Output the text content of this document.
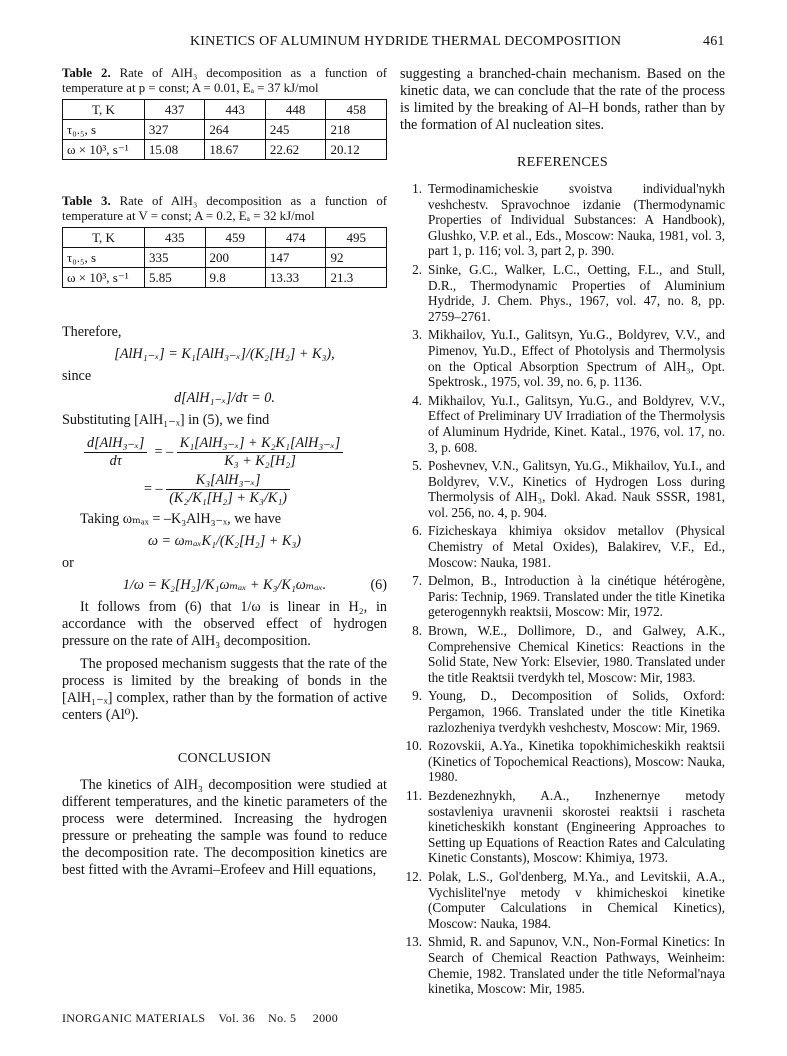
KINETICS OF ALUMINUM HYDRIDE THERMAL DECOMPOSITION	461
Table 2. Rate of AlH₃ decomposition as a function of temperature at p = const; A = 0.01, Eₐ = 37 kJ/mol
T, K	437	443	448	458
τ₀.₅, s	327	264	245	218
ω × 10³, s⁻¹	15.08	18.67	22.62	20.12
Table 3. Rate of AlH₃ decomposition as a function of temperature at V = const; A = 0.2, Eₐ = 32 kJ/mol
T, K	435	459	474	495
τ₀.₅, s	335	200	147	92
ω × 10³, s⁻¹	5.85	9.8	13.33	21.3

Therefore,

[AlH₁₋ₓ] = K₁[AlH₃₋ₓ]/(K₂[H₂] + K₃),

since

d[AlH₁₋ₓ]/dτ = 0.

Substituting [AlH₁₋ₓ] in (5), we find

$\frac{\text{d[AlH₃₋ₓ]}}{d\tau}$ = – $\frac{\text{K₁[AlH₃₋ₓ] + K₂K₁[AlH₃₋ₓ]}}{\text{K₃ + K₂[H₂]}}$
= – $\frac{\text{K₃[AlH₃₋ₓ]}}{\text{(K₂/K₁[H₂] + K₃/K₁)}}$

Taking ωₘₐₓ = –K₃AlH₃₋ₓ, we have

ω = ωₘₐₓK₁/(K₂[H₂] + K₃)

or

1/ω = K₂[H₂]/K₁ωₘₐₓ + K₃/K₁ωₘₐₓ.	(6)

It follows from (6) that 1/ω is linear in H₂, in accordance with the observed effect of hydrogen pressure on the rate of AlH₃ decomposition.

The proposed mechanism suggests that the rate of the process is limited by the breaking of bonds in the [AlH₁₋ₓ] complex, rather than by the formation of active centers (Al⁰).

CONCLUSION

The kinetics of AlH₃ decomposition were studied at different temperatures, and the kinetic parameters of the process were determined. Increasing the hydrogen pressure or preheating the sample was found to reduce the decomposition rate. The decomposition kinetics are best fitted with the Avrami–Erofeev and Hill equations,

suggesting a branched-chain mechanism. Based on the kinetic data, we can conclude that the rate of the process is limited by the breaking of Al–H bonds, rather than by the formation of Al nucleation sites.

REFERENCES
1. Termodinamicheskie svoistva individual'nykh veshchestv. Spravochnoe izdanie (Thermodynamic Properties of Individual Substances: A Handbook), Glushko, V.P. et al., Eds., Moscow: Nauka, 1981, vol. 3, part 1, p. 116; vol. 3, part 2, p. 390.
2. Sinke, G.C., Walker, L.C., Oetting, F.L., and Stull, D.R., Thermodynamic Properties of Aluminium Hydride, J. Chem. Phys., 1967, vol. 47, no. 8, pp. 2759–2761.
3. Mikhailov, Yu.I., Galitsyn, Yu.G., Boldyrev, V.V., and Pimenov, Yu.D., Effect of Photolysis and Thermolysis on the Optical Absorption Spectrum of AlH₃, Opt. Spektrosk., 1975, vol. 39, no. 6, p. 1136.
4. Mikhailov, Yu.I., Galitsyn, Yu.G., and Boldyrev, V.V., Effect of Preliminary UV Irradiation of the Thermolysis of Aluminum Hydride, Kinet. Katal., 1976, vol. 17, no. 3, p. 608.
5. Poshevnev, V.N., Galitsyn, Yu.G., Mikhailov, Yu.I., and Boldyrev, V.V., Kinetics of Hydrogen Loss during Thermolysis of AlH₃, Dokl. Akad. Nauk SSSR, 1981, vol. 256, no. 4, p. 904.
6. Fizicheskaya khimiya oksidov metallov (Physical Chemistry of Metal Oxides), Balakirev, V.F., Ed., Moscow: Nauka, 1981.
7. Delmon, B., Introduction à la cinétique hétérogène, Paris: Technip, 1969. Translated under the title Kinetika geterogennykh reaktsii, Moscow: Mir, 1972.
8. Brown, W.E., Dollimore, D., and Galwey, A.K., Comprehensive Chemical Kinetics: Reactions in the Solid State, New York: Elsevier, 1980. Translated under the title Reaktsii tverdykh tel, Moscow: Mir, 1983.
9. Young, D., Decomposition of Solids, Oxford: Pergamon, 1966. Translated under the title Kinetika razlozheniya tverdykh veshchestv, Moscow: Mir, 1969.
10. Rozovskii, A.Ya., Kinetika topokhimicheskikh reaktsii (Kinetics of Topochemical Reactions), Moscow: Nauka, 1980.
11. Bezdenezhnykh, A.A., Inzhenernye metody sostavleniya uravnenii skorostei reaktsii i rascheta kineticheskikh konstant (Engineering Approaches to Setting up Equations of Reaction Rates and Calculating Kinetic Constants), Moscow: Khimiya, 1973.
12. Polak, L.S., Gol'denberg, M.Ya., and Levitskii, A.A., Vychislitel'nye metody v khimicheskoi kinetike (Computer Calculations in Chemical Kinetics), Moscow: Nauka, 1984.
13. Shmid, R. and Sapunov, V.N., Non-Formal Kinetics: In Search of Chemical Reaction Pathways, Weinheim: Chemie, 1982. Translated under the title Neformal'naya kinetika, Moscow: Mir, 1985.
INORGANIC MATERIALS Vol. 36 No. 5 2000
